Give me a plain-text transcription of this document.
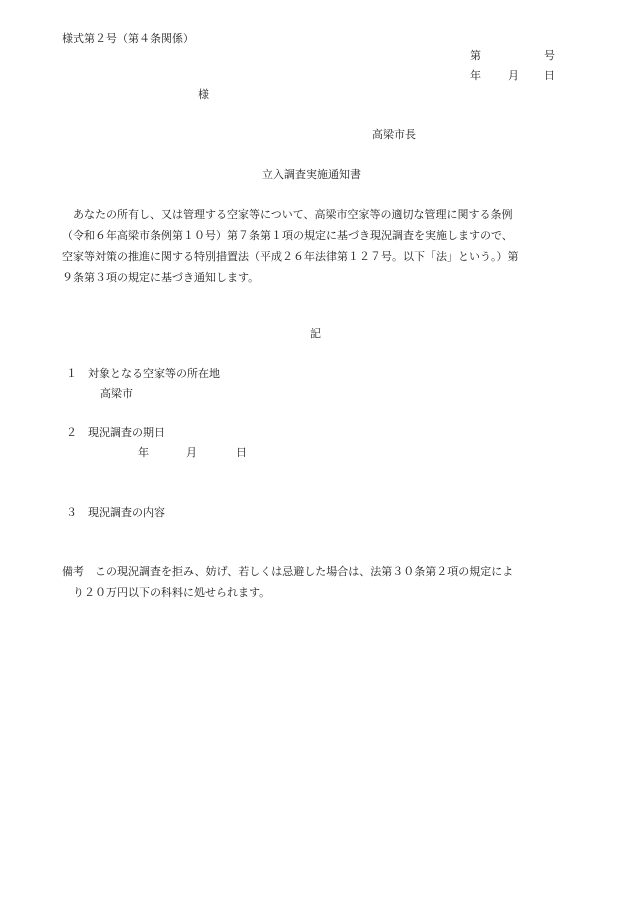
様式第２号（第４条関係）
第	号
年 月 日
様
高梁市長
立入調査実施通知書
あなたの所有し、又は管理する空家等について、高梁市空家等の適切な管理に関する条例
（令和６年高梁市条例第１０号）第７条第１項の規定に基づき現況調査を実施しますので、
空家等対策の推進に関する特別措置法（平成２６年法律第１２７号。以下「法」という。）第
９条第３項の規定に基づき通知します。
記
１ 対象となる空家等の所在地
高梁市
２ 現況調査の期日
年	月	日
３ 現況調査の内容
備考　 この現況調査を拒み、妨げ、若しくは忌避した場合は、法第３０条第２項の規定によ
り２０万円以下の科料に処せられます。
